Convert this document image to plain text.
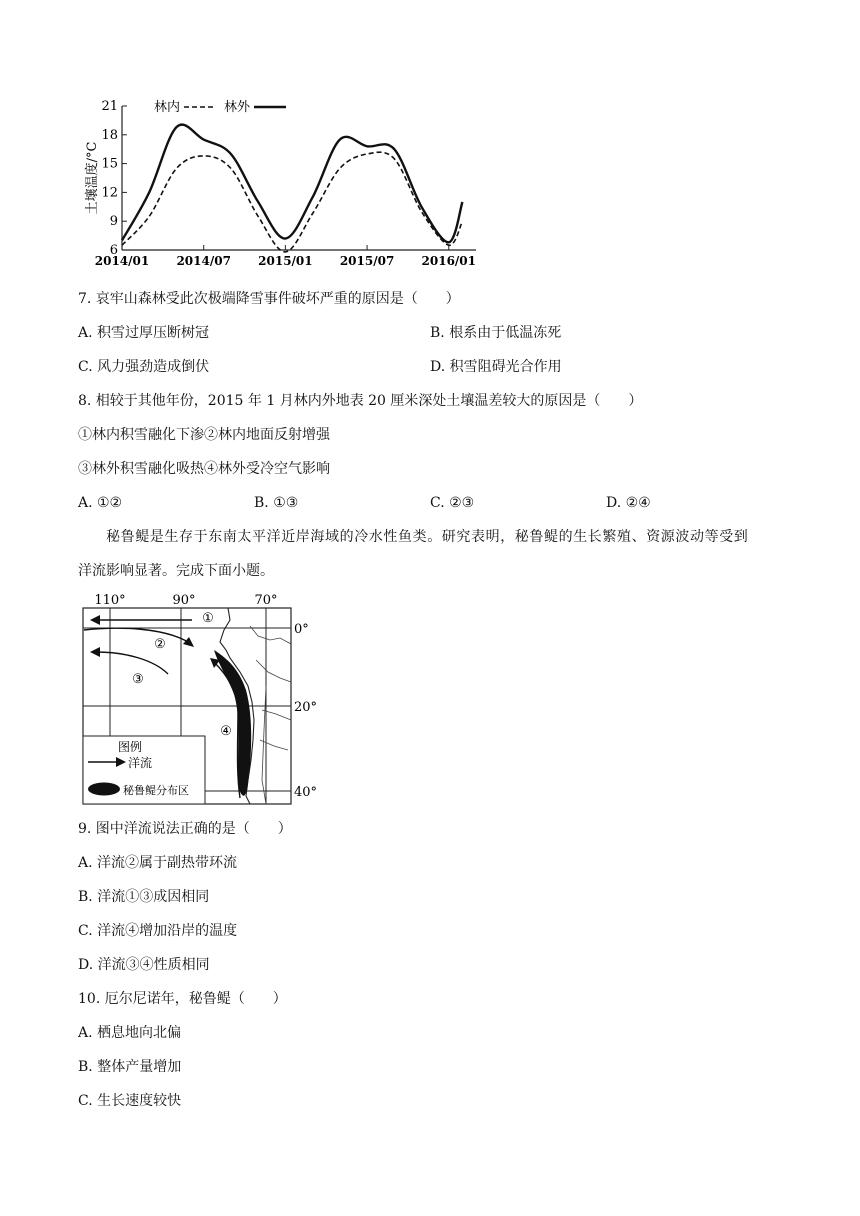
21
18
15
12
9
6
2014/01 2014/07 2015/01 2015/07 2016/01
土壤温度/°C
林内	林外
7. 哀牢山森林受此次极端降雪事件破坏严重的原因是（　　）
A. 积雪过厚压断树冠	B. 根系由于低温冻死
C. 风力强劲造成倒伏	D. 积雪阻碍光合作用
8. 相较于其他年份，2015 年 1 月林内外地表 20 厘米深处土壤温差较大的原因是（　　）
①林内积雪融化下渗②林内地面反射增强
③林外积雪融化吸热④林外受冷空气影响
A. ①②	B. ①③	C. ②③	D. ②④
秘鲁鳀是生存于东南太平洋近岸海域的冷水性鱼类。研究表明，秘鲁鳀的生长繁殖、资源波动等受到
洋流影响显著。完成下面小题。
110°	90°	70°
0°
20°
40°
①
②
③
④
图例
洋流
秘鲁鳀分布区
9. 图中洋流说法正确的是（　　）
A. 洋流②属于副热带环流
B. 洋流①③成因相同
C. 洋流④增加沿岸的温度
D. 洋流③④性质相同
10. 厄尔尼诺年，秘鲁鳀（　　）
A. 栖息地向北偏
B. 整体产量增加
C. 生长速度较快
